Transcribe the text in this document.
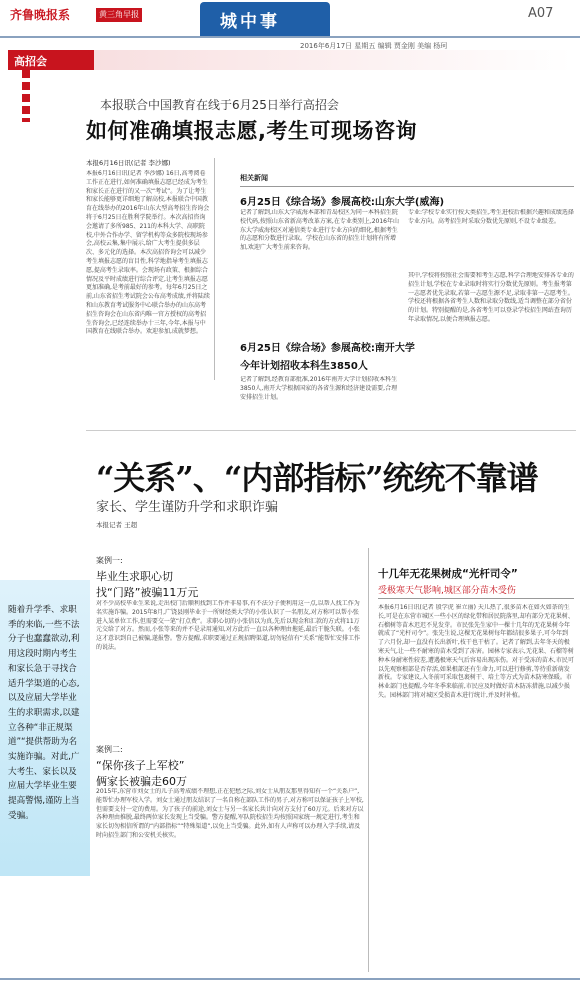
齐鲁晚报系	黄三角早报	城中事	A07
2016年6月17日 星期五 编辑 贾金刚 美编 杨珂
高招会
本报联合中国教育在线于6月25日举行高招会
如何准确填报志愿,考生可现场咨询
本报6月16日讯(记者 李沙娜)
本报6月16日讯(记者 李沙娜) 16日,高考阅卷工作正在进行,如何准确填报志愿已经成为考生和家长正在进行的又一次“考试”。为了让考生和家长能够更详细地了解高校,本报联合中国教育在线举办的2016年山东大型高考招生咨询会将于6月25日在胜利学院举行。本次高招咨询会邀请了多所985、211的本科大学、高职院校,中外合作办学、留学机构等众多院校现场参会,高校云集,集中展示,给广大考生提供多层次、多元化的选择。本次高招咨询会可以减少考生填报志愿的盲目性,科学地指导考生填报志愿,提高考生录取率。会现场有政策、根据综合情况及平时成绩进行综合评定,让考生填报志愿更加准确,是考前最好的参考。每年6月25日之前,山东省招生考试院会公布高考成绩,并将陆续和山东教育考试服务中心联合举办的山东高考招生咨询会在山东省内唯一官方授权的高考招生咨询会,已经连续举办十三年,今年,本报与中国教育在线联合举办。欢迎参加,成就梦想。
相关新闻
6月25日《综合场》参展高校:山东大学(威海)
记者了解到,山东大学威海本部和青岛校区为同一本科招生院校代码,按照山东省新高考改革方案,在专业类别上,2016年山东大学威海校区对通信类专业进行专业方向的细化,根据考生的志愿和分数进行录取。学校在山东省的招生计划将有所增加,欢迎广大考生前来咨询。
专业:学校专业实行按大类招生,考生进校后根据兴趣和成绩选择专业方向。高考招生时采取分数优先原则,不设专业级差。
6月25日《综合场》参展高校:南开大学
今年计划招收本科生3850人
记者了解到,经教育部批准,2016年南开大学计划招收本科生3850人,南开大学根据国家的各省生源和经济建设需要,合理安排招生计划。
其中,学校将按照社会需要和考生志愿,科学合理地安排各专业的招生计划,学校在专业录取时将实行分数优先原则。考生报考第一志愿者优先录取,若第一志愿生源不足,录取非第一志愿考生。学校还将根据各省考生人数和录取分数线,适当调整在部分省份的计划。特别提醒的是,各省考生可以登录学校招生网站查询历年录取情况,以便合理填报志愿。
“关系”、“内部指标”统统不靠谱
家长、学生谨防升学和求职诈骗
本报记者 王超
随着升学季、求职季的来临,一些不法分子也蠢蠢欲动,利用这段时期内考生和家长急于寻找合适升学渠道的心态,以及应届大学毕业生的求职需求,以建立各种“非正规渠道”“提供帮助为名实施诈骗。对此,广大考生、家长以及应届大学毕业生要提高警惕,谨防上当受骗。
案例一:
毕业生求职心切
找“门路”被骗11万元
对不少高校毕业生来说,走出校门后顺利找到工作并非易事,有不法分子便利用这一点,以帮人找工作为名实施诈骗。2015年8月,广饶县刚毕业于一所财经类大学的小张认识了一名朋友,对方称可以帮小张进入某单位工作,但需要交一笔“打点费”。求职心切的小张信以为真,先后以现金和汇款的方式将11万元交给了对方。然而,小张等来的并不是录用通知,对方此后一直以各种理由拖延,最后干脆失联。小张这才意识到自己被骗,遂报警。警方提醒,求职要通过正规招聘渠道,切勿轻信有“关系”能帮忙安排工作的说法。
案例二:
“保你孩子上军校”
俩家长被骗走60万
2015年,东营市刘女士的儿子高考成绩不理想,正在犯愁之际,刘女士从朋友那里得知有一个“关系户”,能帮忙办理军校入学。刘女士通过朋友结识了一名自称在部队工作的男子,对方称可以保证孩子上军校,但需要支付一定的费用。为了孩子的前途,刘女士与另一名家长共计向对方支付了60万元。后来对方以各种理由推脱,最终两位家长发现上当受骗。警方提醒,军队院校招生均按照国家统一规定进行,考生和家长切勿相信所谓的“内部指标”“特殊渠道”,以免上当受骗。此外,如有人声称可以办理入学手续,请及时向招生部门和公安机关核实。
十几年无花果树成“光杆司令”
受极寒天气影响,城区部分苗木受伤
本报6月16日讯(记者 殷学虎 崔立丽) 天儿热了,很多苗木在如火如荼的生长,可是在东营市城区一些小区的绿化带和居民院落里,却有部分无花果树、石榴树等苗木迟迟不见发芽。市民张先生家中一棵十几年的无花果树今年就成了“光杆司令”。张先生说,这棵无花果树每年都结很多果子,可今年到了六月份,却一直没有长出新叶,枝干也干枯了。记者了解到,去年冬天的极寒天气,让一些不耐寒的苗木受到了冻害。园林专家表示,无花果、石榴等树种本身耐寒性较差,遭遇极寒天气后容易出现冻伤。对于受冻的苗木,市民可以先观察根部是否存活,如果根部还有生命力,可以进行修剪,等待重新萌发新枝。专家建议,入冬前可采取包裹树干、培土等方式为苗木防寒保暖。市林业部门也提醒,今年冬季来临前,市民应及时做好苗木防冻措施,以减少损失。园林部门将对城区受损苗木进行统计,并及时补植。
